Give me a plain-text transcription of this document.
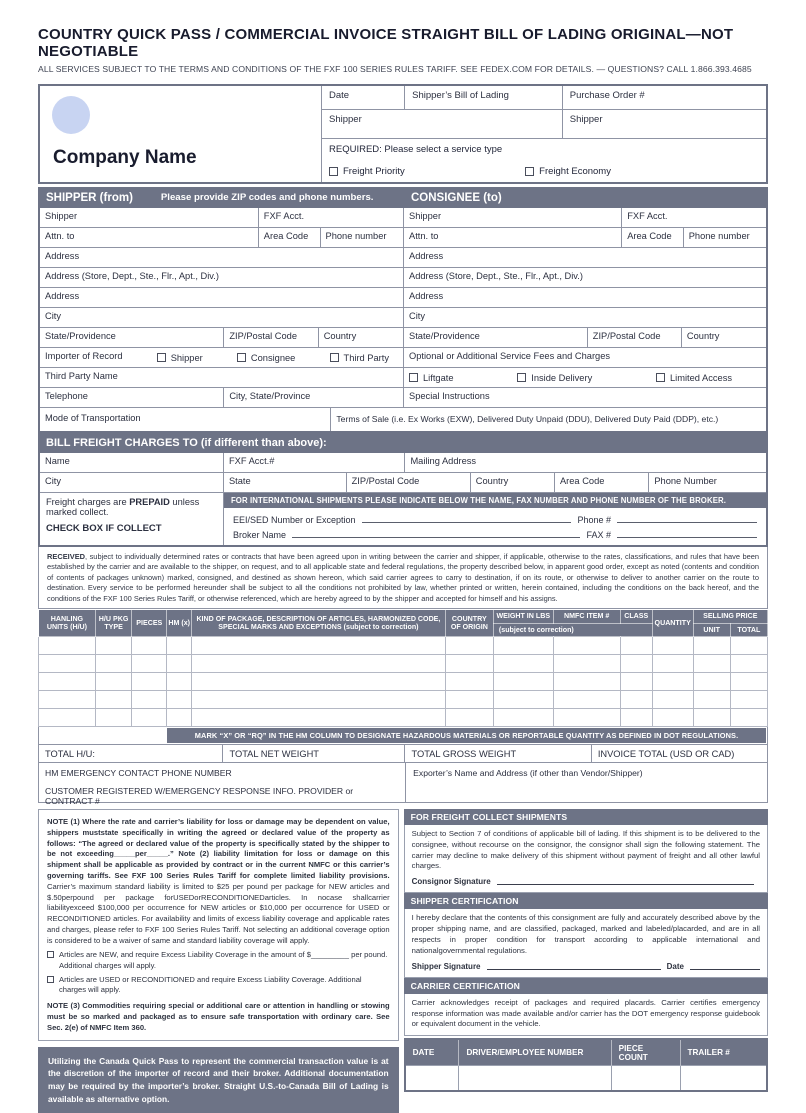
COUNTRY QUICK PASS / COMMERCIAL INVOICE STRAIGHT BILL OF LADING ORIGINAL—NOT NEGOTIABLE
ALL SERVICES SUBJECT TO THE TERMS AND CONDITIONS OF THE FXF 100 SERIES RULES TARIFF. SEE FEDEX.COM FOR DETAILS. — QUESTIONS? CALL 1.866.393.4685
Company Name
Date	Shipper’s Bill of Lading	Purchase Order #
Shipper	Shipper
REQUIRED: Please select a service type
Freight Priority	Freight Economy
SHIPPER (from)	Please provide ZIP codes and phone numbers.	CONSIGNEE (to)
Shipper	FXF Acct.	Shipper	FXF Acct.
Attn. to	Area Code	Phone number	Attn. to	Area Code	Phone number
Address	Address
Address (Store, Dept., Ste., Flr., Apt., Div.)	Address (Store, Dept., Ste., Flr., Apt., Div.)
Address	Address
City	City
State/Providence	ZIP/Postal Code	Country	State/Providence	ZIP/Postal Code	Country
Importer of Record	Shipper	Consignee	Third Party	Optional or Additional Service Fees and Charges
Third Party Name	Liftgate	Inside Delivery	Limited Access
Telephone	City, State/Province	Special Instructions
Mode of Transportation	Terms of Sale (i.e. Ex Works (EXW), Delivered Duty Unpaid (DDU), Delivered Duty Paid (DDP), etc.)
BILL FREIGHT CHARGES TO (if different than above):
Name	FXF Acct.#	Mailing Address
City	State	ZIP/Postal Code	Country	Area Code	Phone Number
Freight charges are PREPAID unless marked collect.
CHECK BOX IF COLLECT
FOR INTERNATIONAL SHIPMENTS PLEASE INDICATE BELOW THE NAME, FAX NUMBER AND PHONE NUMBER OF THE BROKER.
EEI/SED Number or Exception	Phone #
Broker Name	FAX #
RECEIVED, subject to individually determined rates or contracts that have been agreed upon in writing between the carrier and shipper, if applicable, otherwise to the rates, classifications, and rules that have been established by the carrier and are available to the shipper, on request, and to all applicable state and federal regulations, the property described below, in apparent good order, except as noted (contents and condition of contents of packages unknown) marked, consigned, and destined as shown hereon, which said carrier agrees to carry to destination, if on its route, or otherwise to deliver to another carrier on the route to destination. Every service to be performed hereunder shall be subject to all the conditions not prohibited by law, whether printed or written, herein contained, including the conditions on the back hereof, and the conditions of the FXF 100 Series Rules Tariff, or otherwise referenced, which are hereby agreed to by the shipper and accepted for himself and his assigns.
HANLING UNITS (H/U)	H/U PKG TYPE	PIECES	HM (x)	KIND OF PACKAGE, DESCRIPTION OF ARTICLES, HARMONIZED CODE, SPECIAL MARKS AND EXCEPTIONS (subject to correction)	COUNTRY OF ORIGIN	WEIGHT IN LBS	NMFC ITEM #	CLASS	QUANTITY	SELLING PRICE	
						(subject to correction)				UNIT	TOTAL

MARK “X” OR “RQ” IN THE HM COLUMN TO DESIGNATE HAZARDOUS MATERIALS OR REPORTABLE QUANTITY AS DEFINED IN DOT REGULATIONS.
TOTAL H/U:	TOTAL NET WEIGHT	TOTAL GROSS WEIGHT	INVOICE TOTAL (USD OR CAD)
HM EMERGENCY CONTACT PHONE NUMBER
CUSTOMER REGISTERED W/EMERGENCY RESPONSE INFO. PROVIDER or CONTRACT #
Exporter’s Name and Address (if other than Vendor/Shipper)
NOTE (1) Where the rate and carrier’s liability for loss or damage may be dependent on value, shippers muststate specifically in writing the agreed or declared value of the property as follows: “The agreed or declared value of the property is specifically stated by the shipper to be not exceeding_____per_____.” Note (2) liability limitation for loss or damage on this shipment shall be applicable as provided by contract or in the current NMFC or this carrier’s governing tariffs. See FXF 100 Series Rules Tariff for complete limited liability provisions. Carrier’s maximum standard liability is limited to $25 per pound per package for NEW articles and $.50perpound per package forUSEDorRECONDITIONEDarticles. In nocase shallcarrier liabilityexceed $100,000 per occurrence for NEW articles or $10,000 per occurrence for USED or RECONDITIONED articles. For availability and limits of excess liability coverage and applicable rates and charges, please refer to FXF 100 Series Rules Tariff. Not selecting an additional coverage option is considered to be a waiver of same and standard liability coverage will apply.
Articles are NEW, and require Excess Liability Coverage in the amount of $_________ per pound. Additional charges will apply.
Articles are USED or RECONDITIONED and require Excess Liability Coverage. Additional charges will apply.
NOTE (3) Commodities requiring special or additional care or attention in handling or stowing must be so marked and packaged as to ensure safe transportation with ordinary care. See Sec. 2(e) of NMFC Item 360.
Utilizing the Canada Quick Pass to represent the commercial transaction value is at the discretion of the importer of record and their broker. Additional documentation may be required by the importer’s broker. Straight U.S.-to-Canada Bill of Lading is available as alternative option.
FOR FREIGHT COLLECT SHIPMENTS
Subject to Section 7 of conditions of applicable bill of lading. If this shipment is to be delivered to the consignee, without recourse on the consignor, the consignor shall sign the following statement. The carrier may decline to make delivery of this shipment without payment of freight and all other lawful charges.
Consignor Signature
SHIPPER CERTIFICATION
I hereby declare that the contents of this consignment are fully and accurately described above by the proper shipping name, and are classified, packaged, marked and labeled/placarded, and are in all respects in proper condition for transport according to applicable international and nationalgovernmental regulations.
Shipper Signature	Date
CARRIER CERTIFICATION
Carrier acknowledges receipt of packages and required placards. Carrier certifies emergency response information was made available and/or carrier has the DOT emergency response guidebook or equivalent document in the vehicle.
DATE	DRIVER/EMPLOYEE NUMBER	PIECE COUNT	TRAILER #
